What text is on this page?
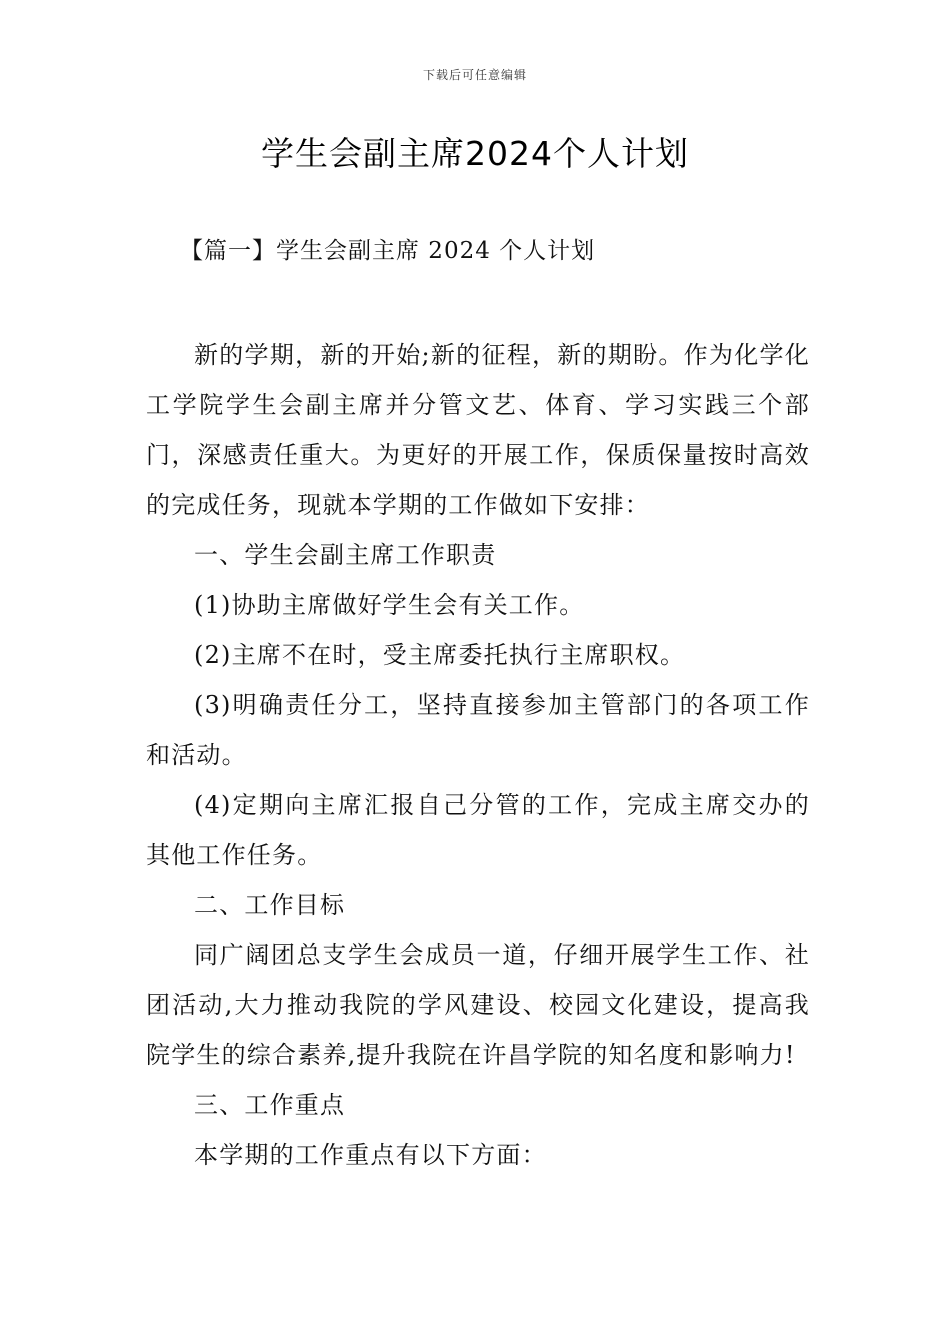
下载后可任意编辑
学生会副主席2024个人计划
【篇一】学生会副主席 2024 个人计划

新的学期，新的开始;新的征程，新的期盼。作为化学化工学院学生会副主席并分管文艺、体育、学习实践三个部门，深感责任重大。为更好的开展工作，保质保量按时高效的完成任务，现就本学期的工作做如下安排：

一、学生会副主席工作职责

(1)协助主席做好学生会有关工作。

(2)主席不在时，受主席委托执行主席职权。

(3)明确责任分工，坚持直接参加主管部门的各项工作和活动。

(4)定期向主席汇报自己分管的工作，完成主席交办的其他工作任务。

二、工作目标

同广阔团总支学生会成员一道，仔细开展学生工作、社团活动,大力推动我院的学风建设、校园文化建设，提高我院学生的综合素养,提升我院在许昌学院的知名度和影响力!

三、工作重点

本学期的工作重点有以下方面：
